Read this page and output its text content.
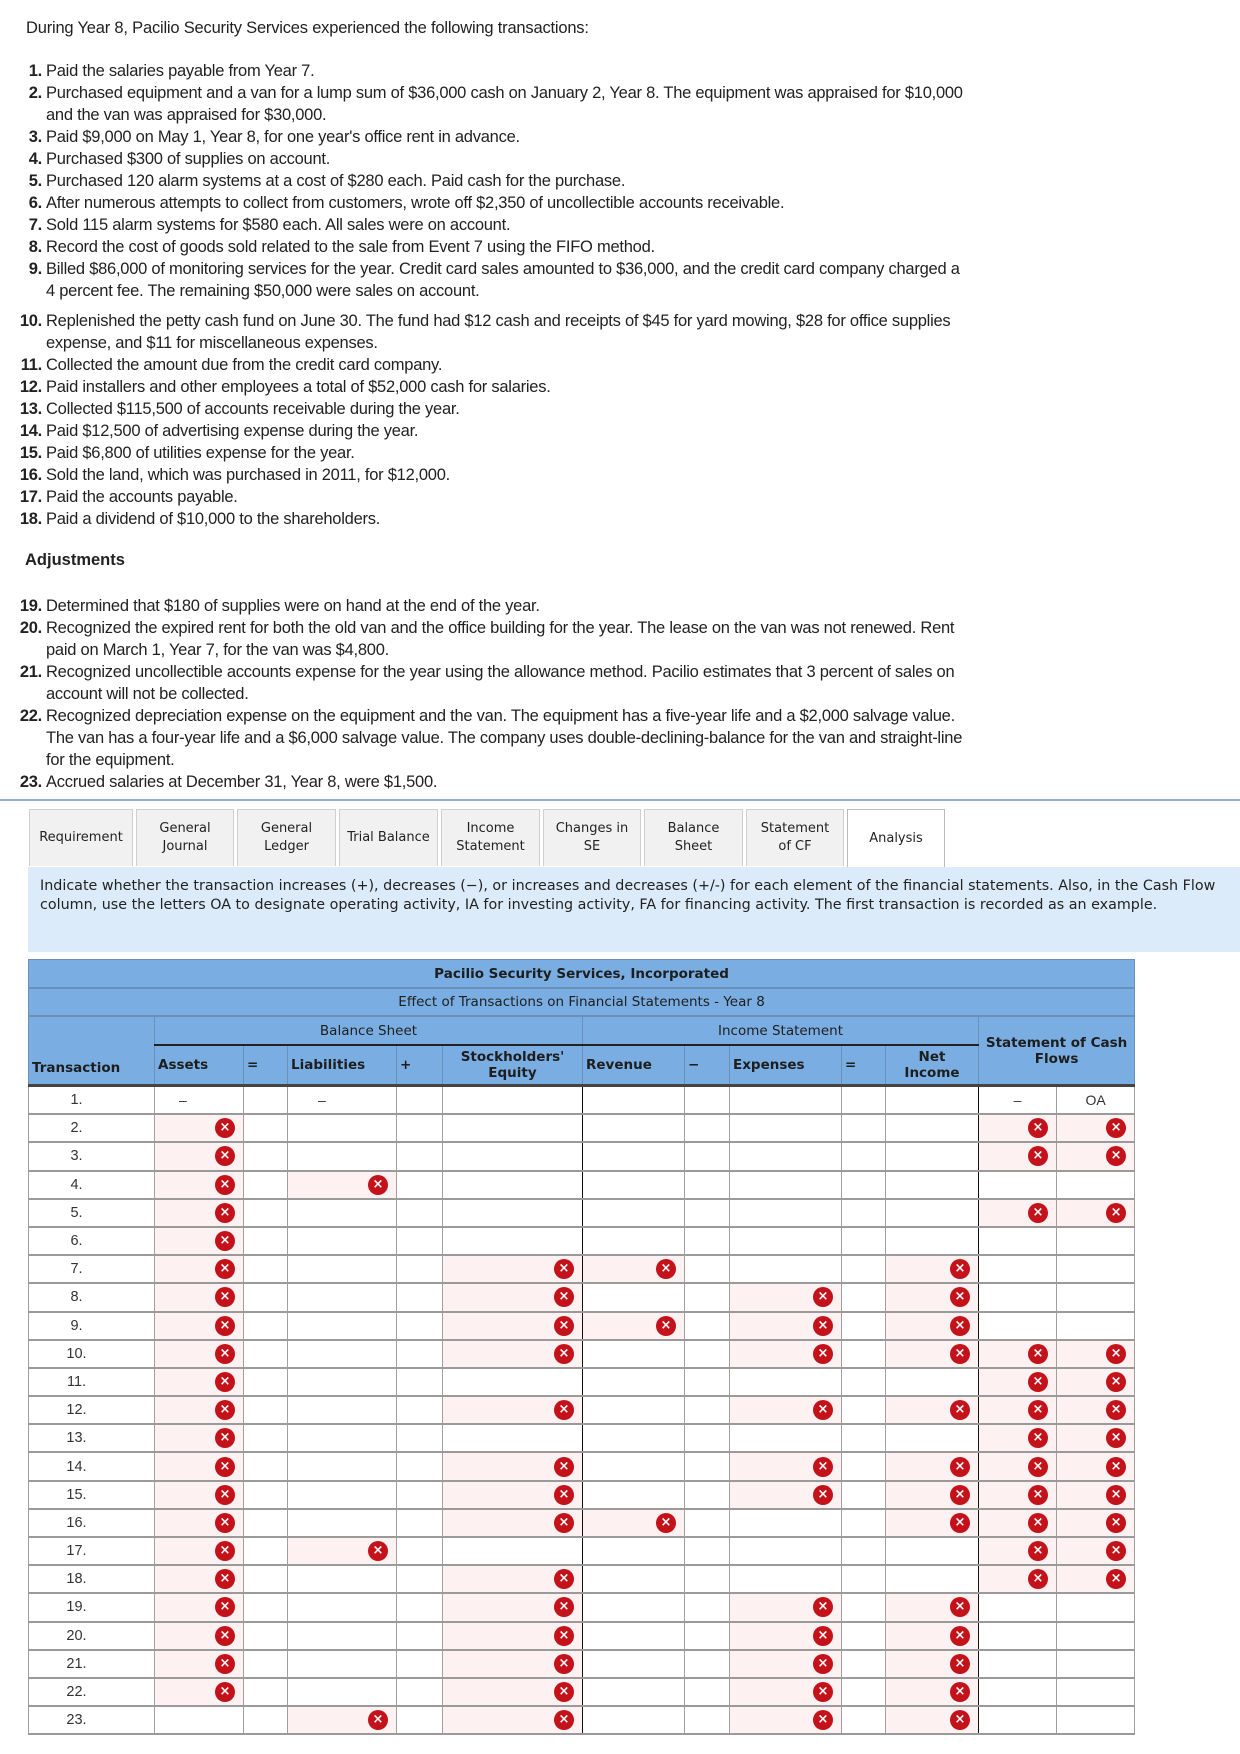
During Year 8, Pacilio Security Services experienced the following transactions:
1. Paid the salaries payable from Year 7.
2. Purchased equipment and a van for a lump sum of $36,000 cash on January 2, Year 8. The equipment was appraised for $10,000
and the van was appraised for $30,000.
3. Paid $9,000 on May 1, Year 8, for one year's office rent in advance.
4. Purchased $300 of supplies on account.
5. Purchased 120 alarm systems at a cost of $280 each. Paid cash for the purchase.
6. After numerous attempts to collect from customers, wrote off $2,350 of uncollectible accounts receivable.
7. Sold 115 alarm systems for $580 each. All sales were on account.
8. Record the cost of goods sold related to the sale from Event 7 using the FIFO method.
9. Billed $86,000 of monitoring services for the year. Credit card sales amounted to $36,000, and the credit card company charged a
4 percent fee. The remaining $50,000 were sales on account.
10. Replenished the petty cash fund on June 30. The fund had $12 cash and receipts of $45 for yard mowing, $28 for office supplies
expense, and $11 for miscellaneous expenses.
11. Collected the amount due from the credit card company.
12. Paid installers and other employees a total of $52,000 cash for salaries.
13. Collected $115,500 of accounts receivable during the year.
14. Paid $12,500 of advertising expense during the year.
15. Paid $6,800 of utilities expense for the year.
16. Sold the land, which was purchased in 2011, for $12,000.
17. Paid the accounts payable.
18. Paid a dividend of $10,000 to the shareholders.
Adjustments
19. Determined that $180 of supplies were on hand at the end of the year.
20. Recognized the expired rent for both the old van and the office building for the year. The lease on the van was not renewed. Rent
paid on March 1, Year 7, for the van was $4,800.
21. Recognized uncollectible accounts expense for the year using the allowance method. Pacilio estimates that 3 percent of sales on
account will not be collected.
22. Recognized depreciation expense on the equipment and the van. The equipment has a five-year life and a $2,000 salvage value.
The van has a four-year life and a $6,000 salvage value. The company uses double-declining-balance for the van and straight-line
for the equipment.
23. Accrued salaries at December 31, Year 8, were $1,500.
Requirement
General
Journal
General
Ledger
Trial Balance
Income
Statement
Changes in
SE
Balance
Sheet
Statement
of CF
Analysis
Indicate whether the transaction increases (+), decreases (−), or increases and decreases (+/-) for each element of the financial statements. Also, in the Cash Flow column, use the letters OA to designate operating activity, IA for investing activity, FA for financing activity. The first transaction is recorded as an example.
Pacilio Security Services, Incorporated												
Effect of Transactions on Financial Statements - Year 8												
Transaction	Balance Sheet					Income Statement					Statement of Cash Flows	
	Assets	=	Liabilities	+	Stockholders' Equity	Revenue	−	Expenses	=	Net Income		
1.	–		–								–	OA

2.	×										×	×

3.	×										×	×

4.	×		×									

5.	×										×	×

6.	×											

7.	×				×	×				×		

8.	×				×			×		×		

9.	×				×	×		×		×		

10.	×				×			×		×	×	×

11.	×										×	×

12.	×				×			×		×	×	×

13.	×										×	×

14.	×				×			×		×	×	×

15.	×				×			×		×	×	×

16.	×				×	×				×	×	×

17.	×		×								×	×

18.	×				×						×	×

19.	×				×			×		×		

20.	×				×			×		×		

21.	×				×			×		×		

22.	×				×			×		×		

23.			×		×			×		×		
